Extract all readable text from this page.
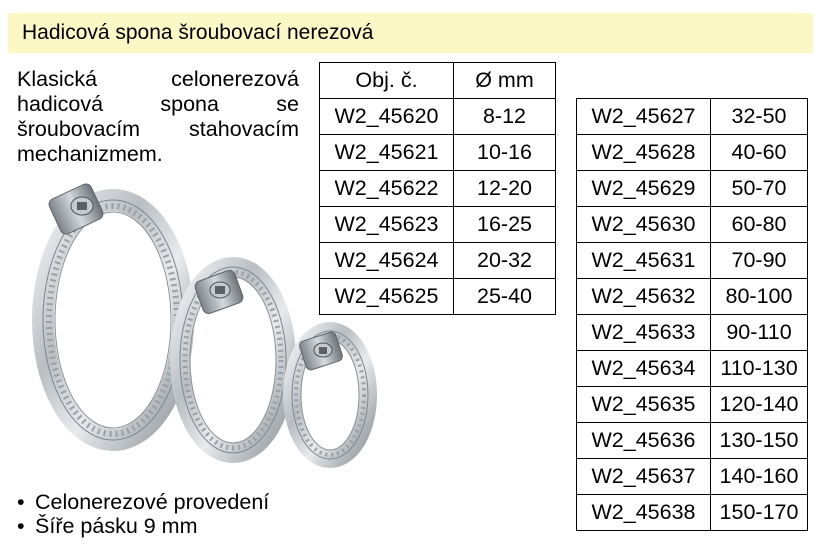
Hadicová spona šroubovací nerezová
Klasická celonerezová hadicová spona se šroubovacím stahovacím mechanizmem.
Obj. č.	Ø mm
W2_45620	8-12
W2_45621	10-16
W2_45622	12-20
W2_45623	16-25
W2_45624	20-32
W2_45625	25-40
W2_45627	32-50
W2_45628	40-60
W2_45629	50-70
W2_45630	60-80
W2_45631	70-90
W2_45632	80-100
W2_45633	90-110
W2_45634	110-130
W2_45635	120-140
W2_45636	130-150
W2_45637	140-160
W2_45638	150-170
• Celonerezové provedení
• Šíře pásku 9 mm
